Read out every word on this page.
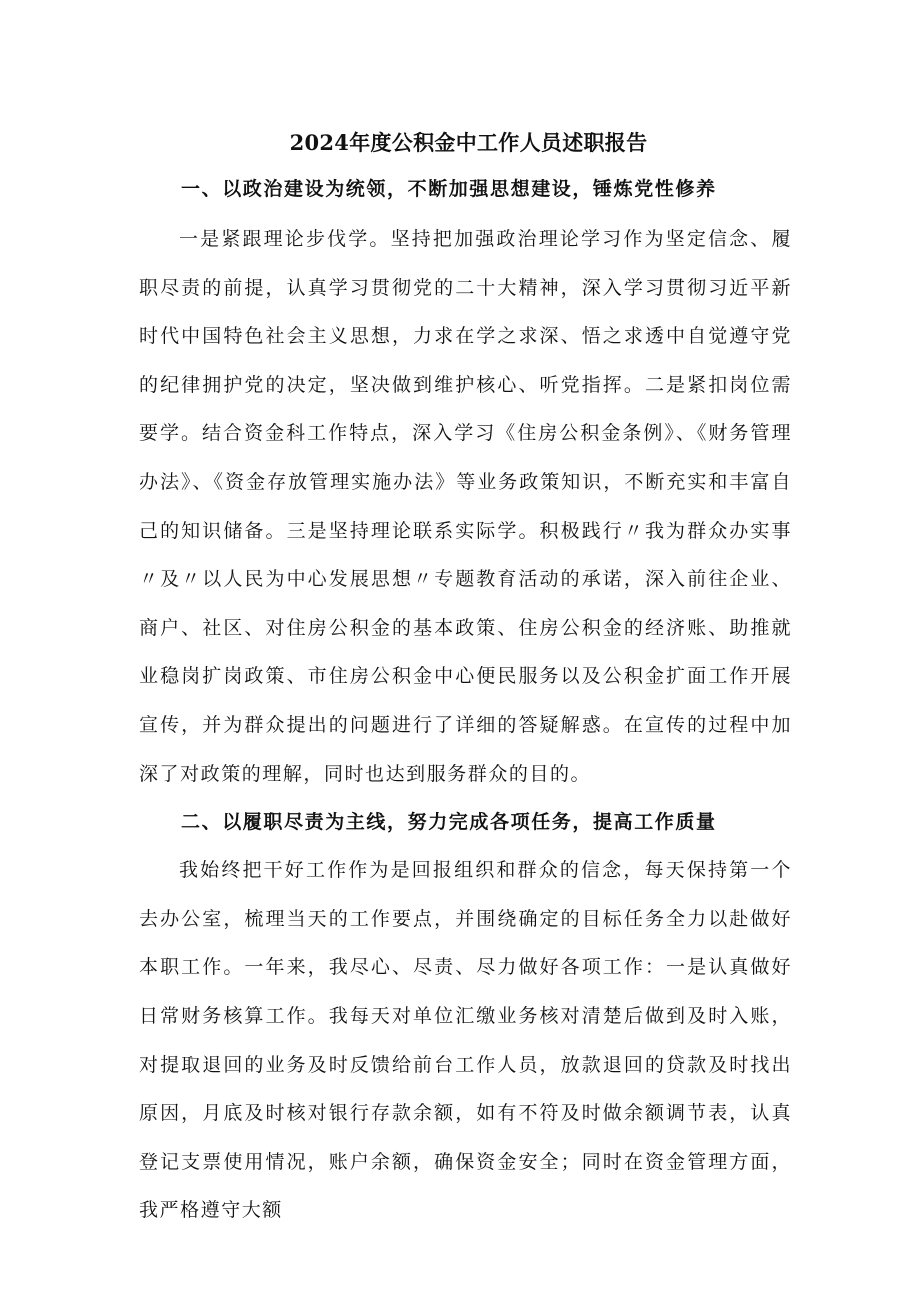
2024年度公积金中工作人员述职报告
一、以政治建设为统领，不断加强思想建设，锤炼党性修养

一是紧跟理论步伐学。坚持把加强政治理论学习作为坚定信念、履职尽责的前提，认真学习贯彻党的二十大精神，深入学习贯彻习近平新时代中国特色社会主义思想，力求在学之求深、悟之求透中自觉遵守党的纪律拥护党的决定，坚决做到维护核心、听党指挥。二是紧扣岗位需要学。结合资金科工作特点，深入学习《住房公积金条例》、《财务管理办法》、《资金存放管理实施办法》等业务政策知识，不断充实和丰富自己的知识储备。三是坚持理论联系实际学。积极践行〃我为群众办实事〃及〃以人民为中心发展思想〃专题教育活动的承诺，深入前往企业、商户、社区、对住房公积金的基本政策、住房公积金的经济账、助推就业稳岗扩岗政策、市住房公积金中心便民服务以及公积金扩面工作开展宣传，并为群众提出的问题进行了详细的答疑解惑。在宣传的过程中加深了对政策的理解，同时也达到服务群众的目的。

二、以履职尽责为主线，努力完成各项任务，提高工作质量

我始终把干好工作作为是回报组织和群众的信念，每天保持第一个去办公室，梳理当天的工作要点，并围绕确定的目标任务全力以赴做好本职工作。一年来，我尽心、尽责、尽力做好各项工作：一是认真做好日常财务核算工作。我每天对单位汇缴业务核对清楚后做到及时入账，对提取退回的业务及时反馈给前台工作人员，放款退回的贷款及时找出原因，月底及时核对银行存款余额，如有不符及时做余额调节表，认真登记支票使用情况，账户余额，确保资金安全；同时在资金管理方面，我严格遵守大额
